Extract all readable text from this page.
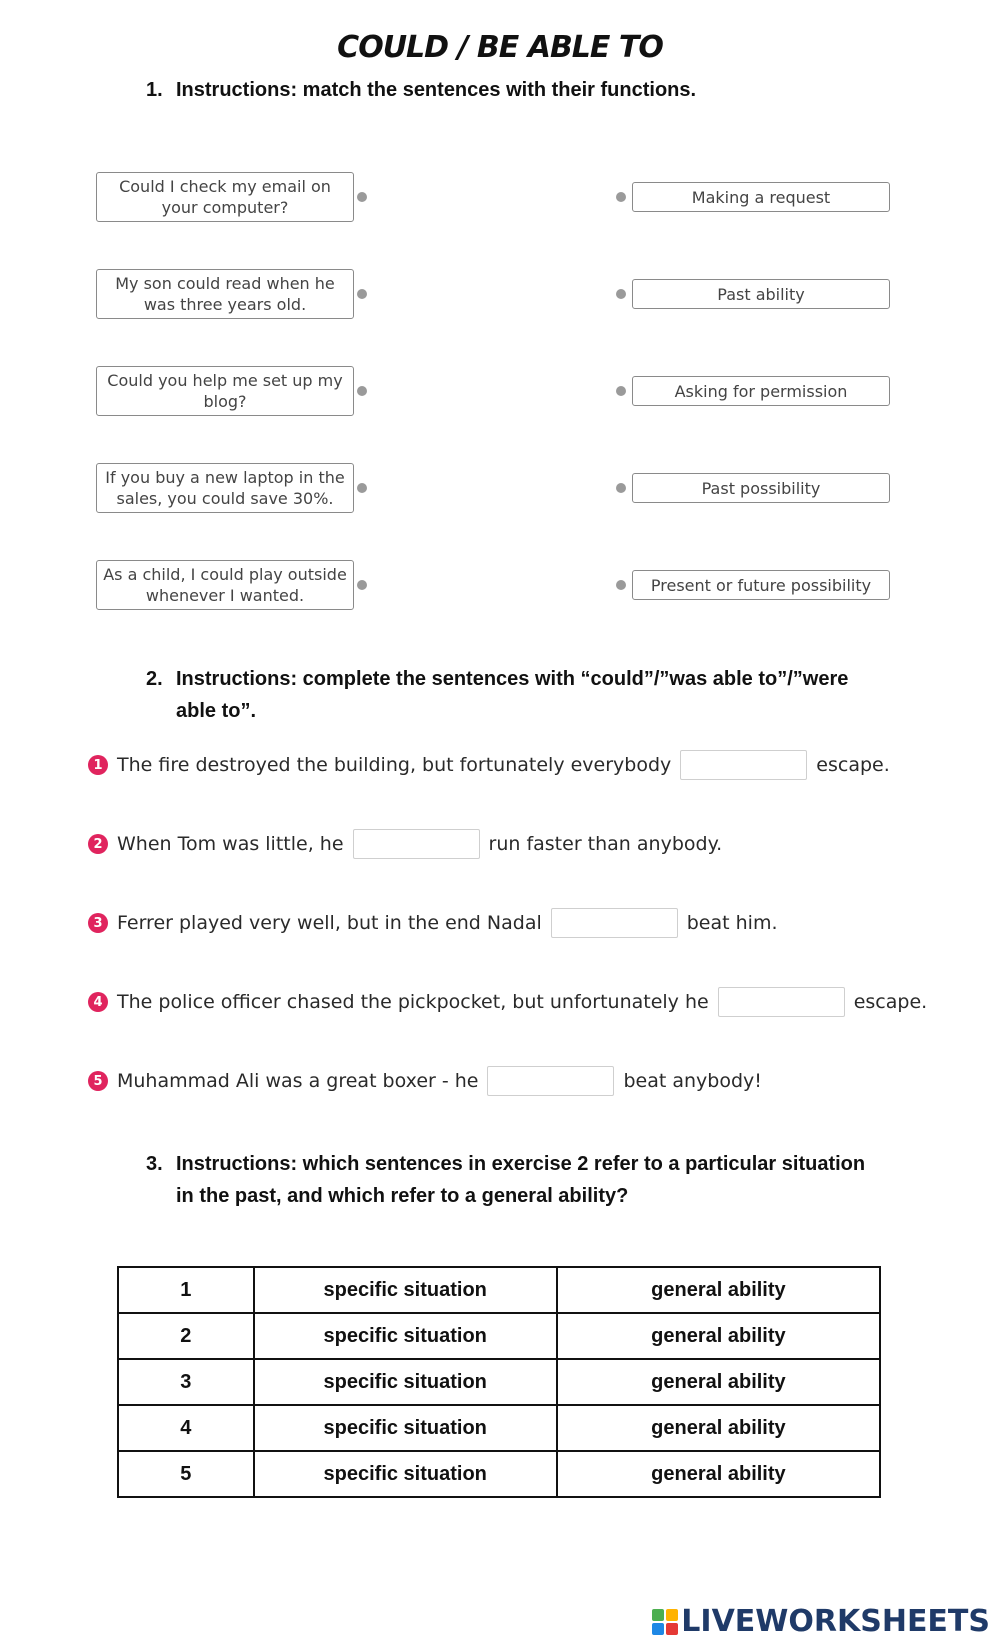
COULD / BE ABLE TO
1. Instructions: match the sentences with their functions.
Could I check my email on your computer?
Making a request
My son could read when he was three years old.
Past ability
Could you help me set up my blog?
Asking for permission
If you buy a new laptop in the sales, you could save 30%.
Past possibility
As a child, I could play outside whenever I wanted.
Present or future possibility
2. Instructions: complete the sentences with “could”/”was able to”/”were able to”.
1 The fire destroyed the building, but fortunately everybody	escape.
2 When Tom was little, he	run faster than anybody.
3 Ferrer played very well, but in the end Nadal	beat him.
4 The police officer chased the pickpocket, but unfortunately he	escape.
5 Muhammad Ali was a great boxer - he	beat anybody!
3. Instructions: which sentences in exercise 2 refer to a particular situation in the past, and which refer to a general ability?
1	specific situation	general ability
2	specific situation	general ability
3	specific situation	general ability
4	specific situation	general ability
5	specific situation	general ability
LIVEWORKSHEETS
